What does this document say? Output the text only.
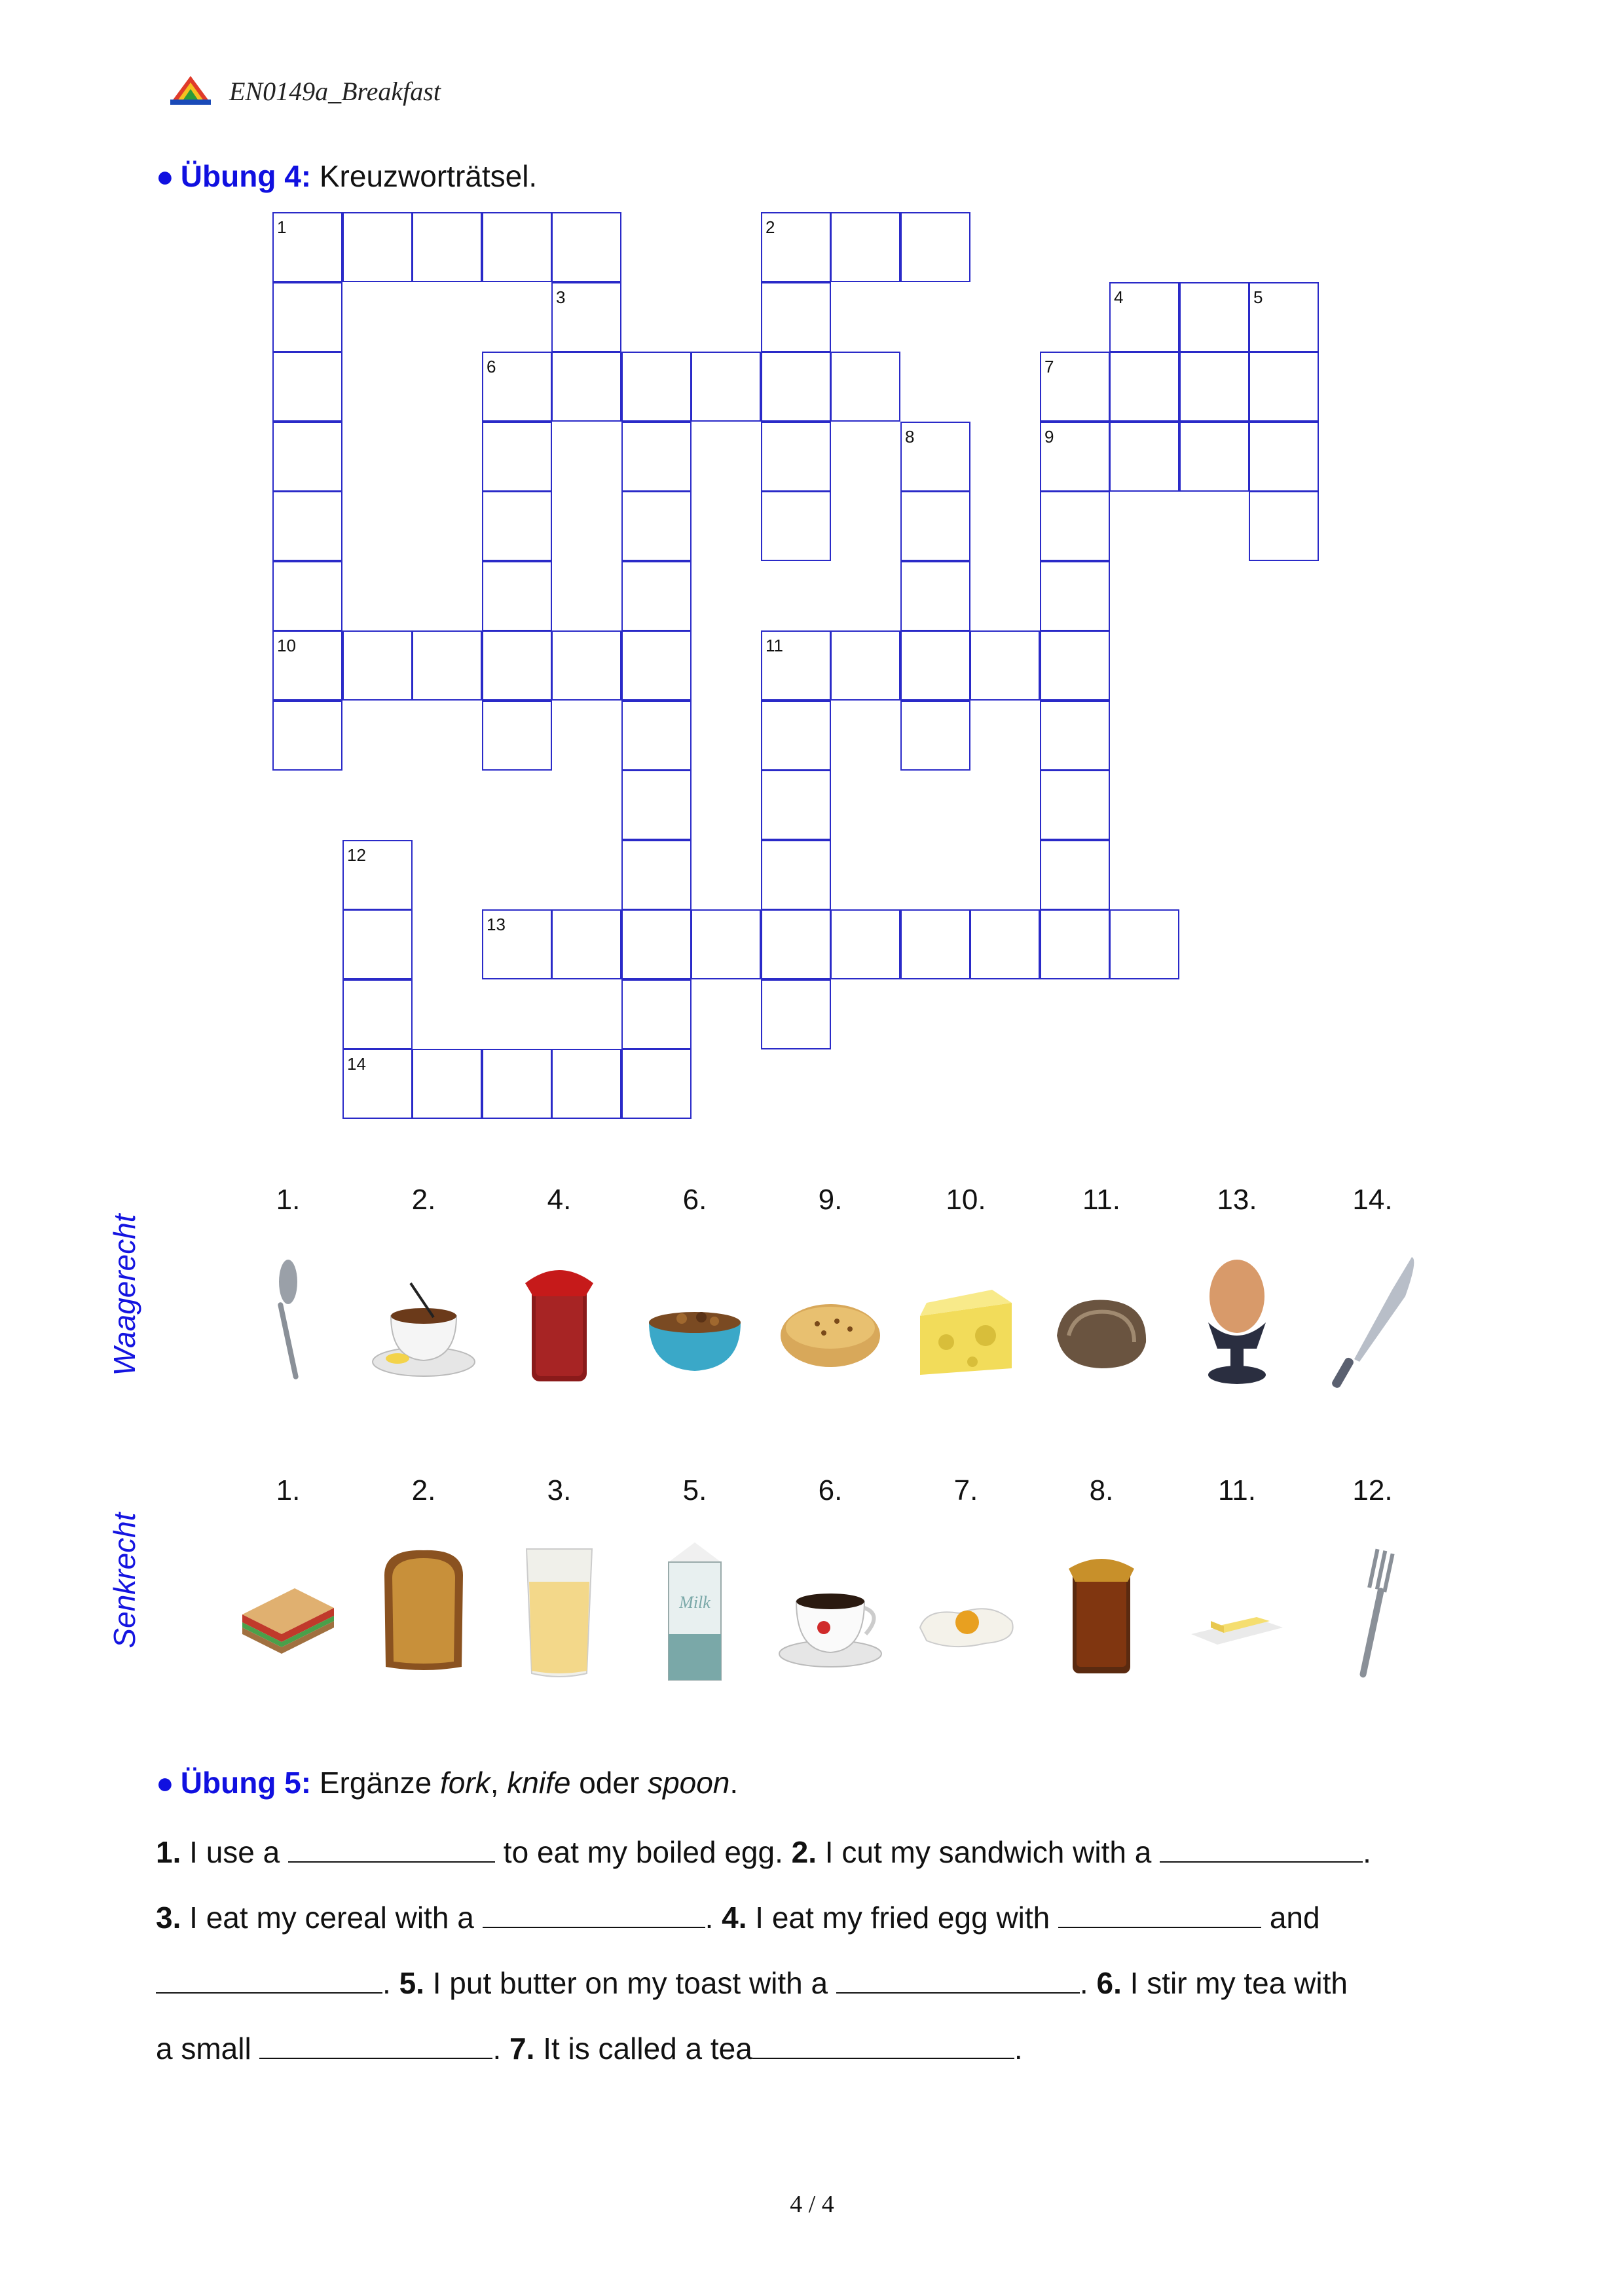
EN0149a_Breakfast
● Übung 4: Kreuzworträtsel.
1	2
3	4	5
6	7
8	9
10	11
12
13
14
Waagerecht
1.	2.	4.	6.	9.	10.	11.	13.	14.
Senkrecht
1.	2.	3.	5.	6.	7.	8.	11.	12.
Milk
● Übung 5: Ergänze fork, knife oder spoon.
1. I use a	to eat my boiled egg. 2. I cut my sandwich with a	.
3. I eat my cereal with a	. 4. I eat my fried egg with	and
. 5. I put butter on my toast with a	. 6. I stir my tea with
a small	. 7. It is called a tea	.
4 / 4
